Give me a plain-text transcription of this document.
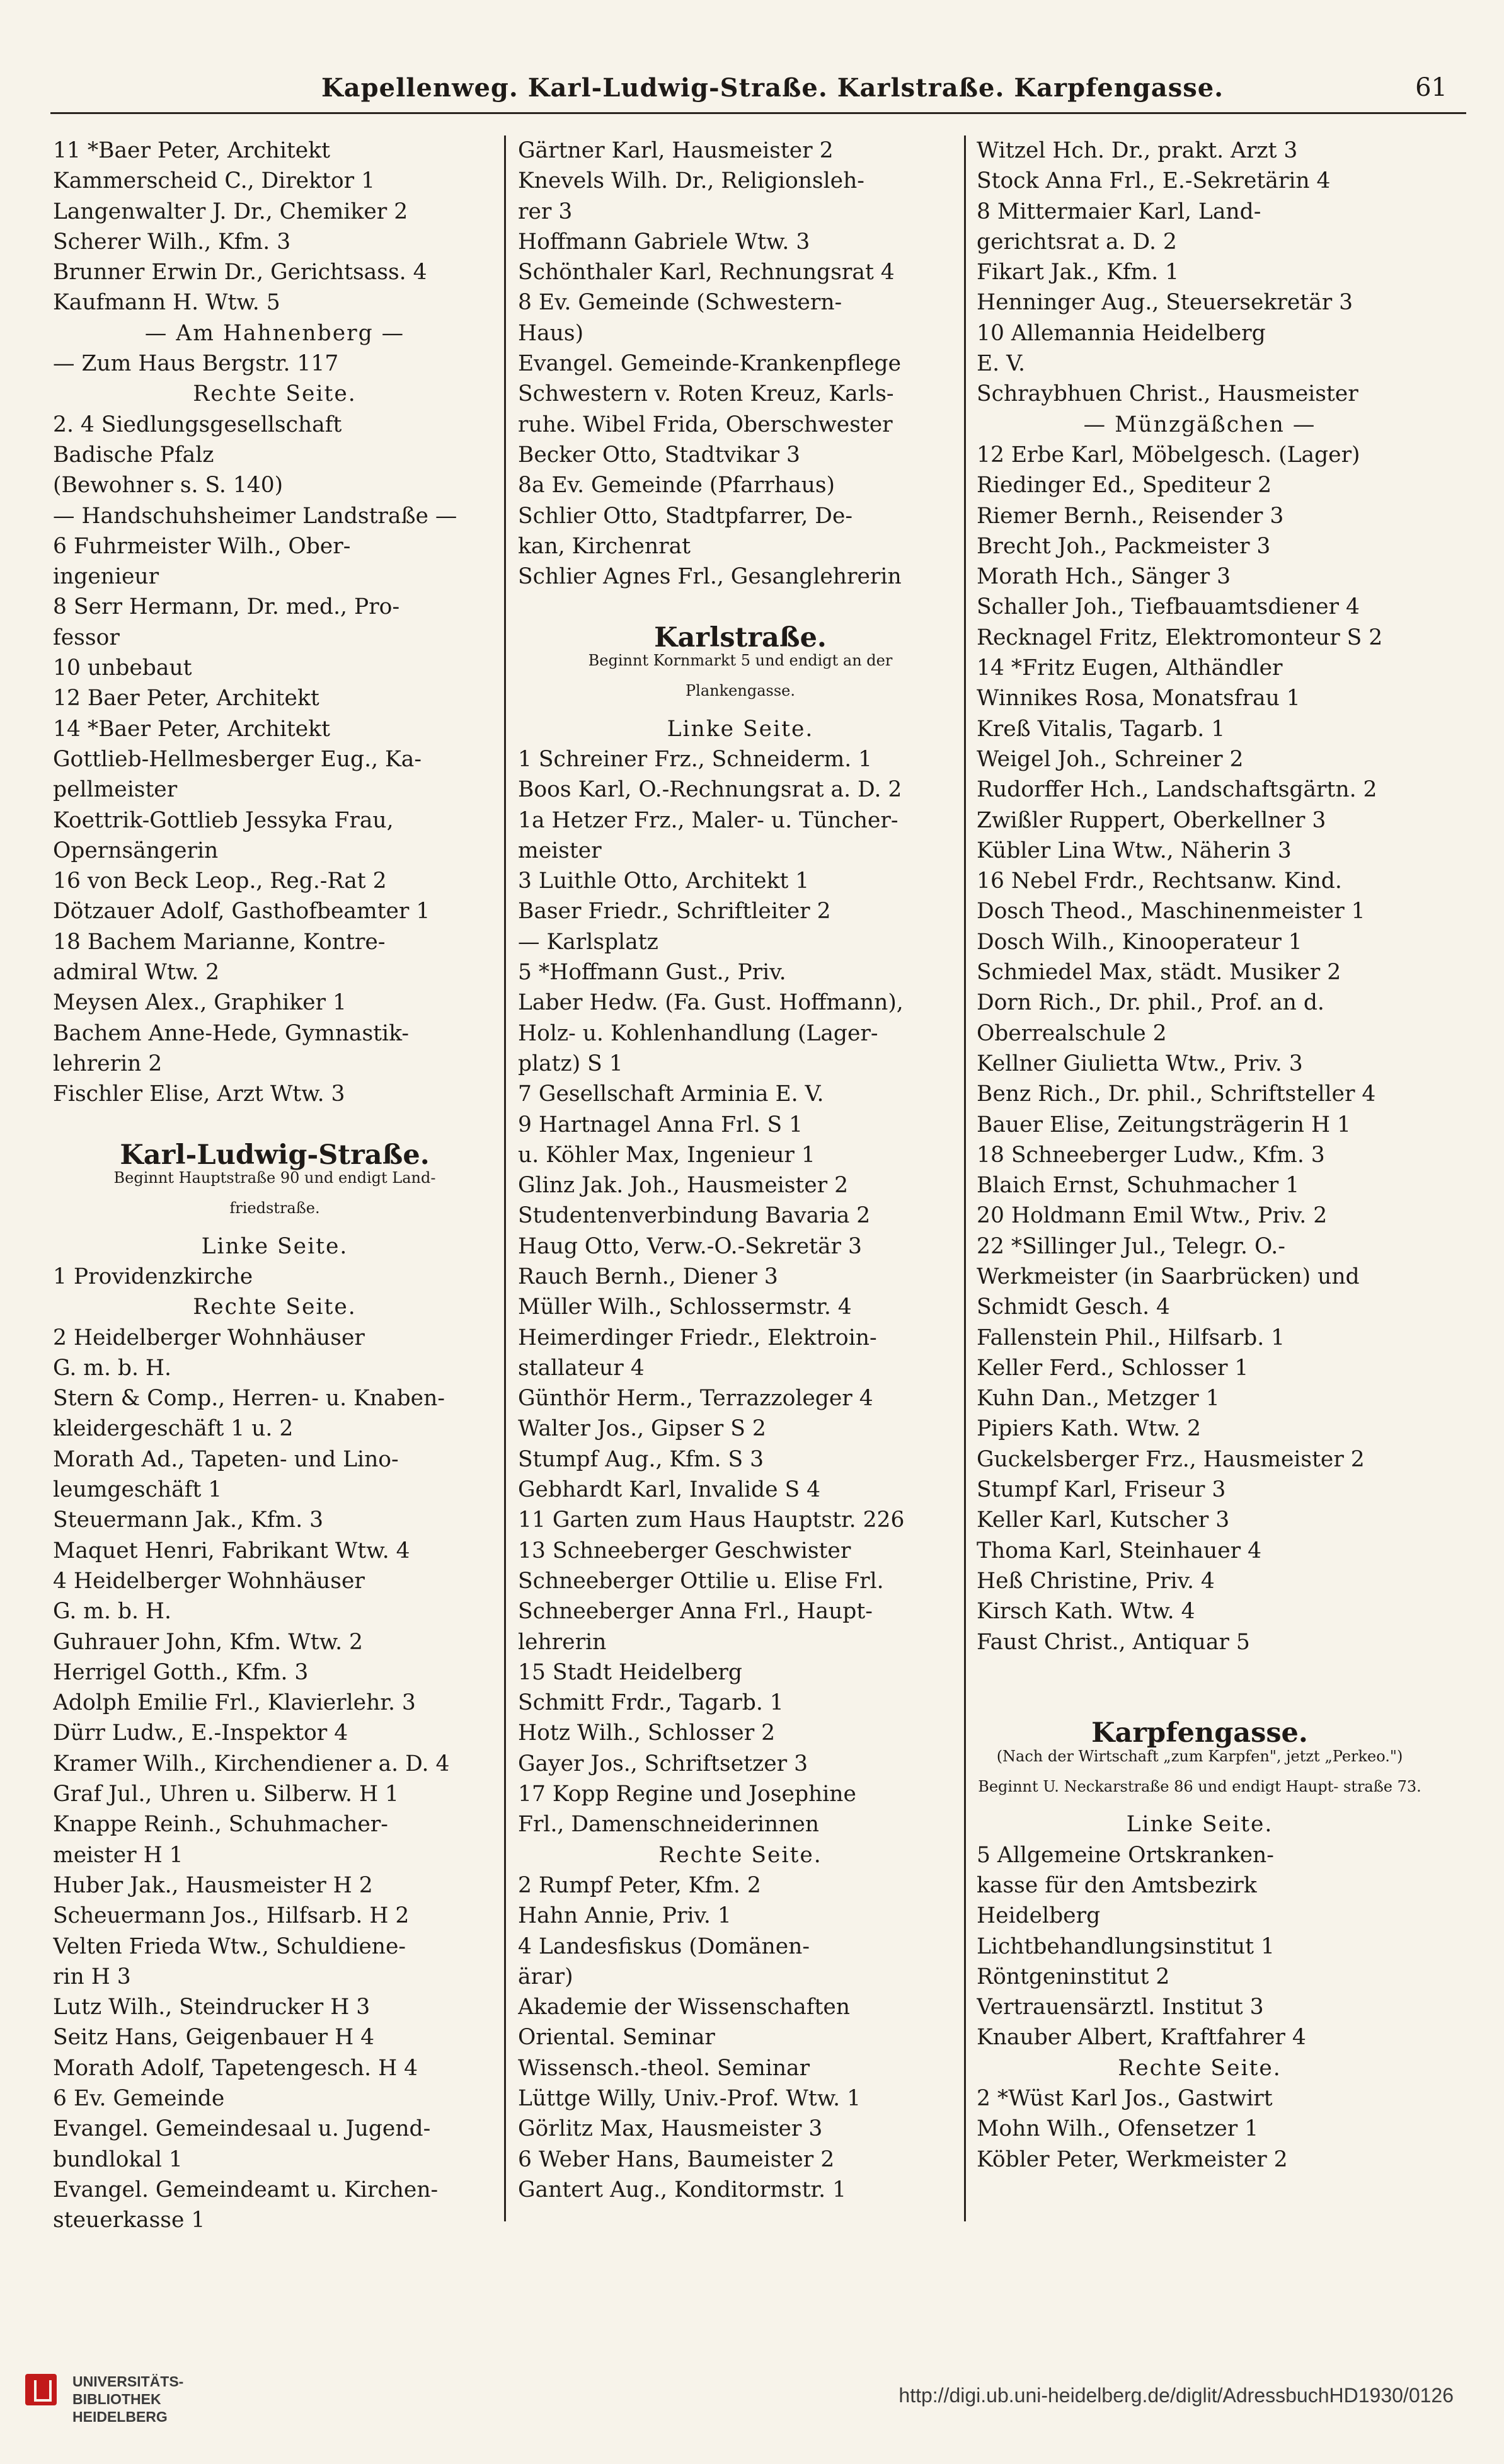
Kapellenweg. Karl-Ludwig-Straße. Karlstraße. Karpfengasse.	61
11 *Baer Peter, Architekt
Kammerscheid C., Direktor 1
Langenwalter J. Dr., Chemiker 2
Scherer Wilh., Kfm. 3
Brunner Erwin Dr., Gerichtsass. 4
Kaufmann H. Wtw. 5
— Am Hahnenberg —
— Zum Haus Bergstr. 117
Rechte Seite.
2. 4 Siedlungsgesellschaft
Badische Pfalz
(Bewohner s. S. 140)
— Handschuhsheimer Landstraße —
6 Fuhrmeister Wilh., Ober-
ingenieur
8 Serr Hermann, Dr. med., Pro-
fessor
10 unbebaut
12 Baer Peter, Architekt
14 *Baer Peter, Architekt
Gottlieb-Hellmesberger Eug., Ka-
pellmeister
Koettrik-Gottlieb Jessyka Frau,
Opernsängerin
16 von Beck Leop., Reg.-Rat 2
Dötzauer Adolf, Gasthofbeamter 1
18 Bachem Marianne, Kontre-
admiral Wtw. 2
Meysen Alex., Graphiker 1
Bachem Anne-Hede, Gymnastik-
lehrerin 2
Fischler Elise, Arzt Wtw. 3
Karl-Ludwig-Straße.
Beginnt Hauptstraße 90 und endigt Land-
friedstraße.
Linke Seite.
1 Providenzkirche
Rechte Seite.
2 Heidelberger Wohnhäuser
G. m. b. H.
Stern & Comp., Herren- u. Knaben-
kleidergeschäft 1 u. 2
Morath Ad., Tapeten- und Lino-
leumgeschäft 1
Steuermann Jak., Kfm. 3
Maquet Henri, Fabrikant Wtw. 4
4 Heidelberger Wohnhäuser
G. m. b. H.
Guhrauer John, Kfm. Wtw. 2
Herrigel Gotth., Kfm. 3
Adolph Emilie Frl., Klavierlehr. 3
Dürr Ludw., E.-Inspektor 4
Kramer Wilh., Kirchendiener a. D. 4
Graf Jul., Uhren u. Silberw. H 1
Knappe Reinh., Schuhmacher-
meister H 1
Huber Jak., Hausmeister H 2
Scheuermann Jos., Hilfsarb. H 2
Velten Frieda Wtw., Schuldiene-
rin H 3
Lutz Wilh., Steindrucker H 3
Seitz Hans, Geigenbauer H 4
Morath Adolf, Tapetengesch. H 4
6 Ev. Gemeinde
Evangel. Gemeindesaal u. Jugend-
bundlokal 1
Evangel. Gemeindeamt u. Kirchen-
steuerkasse 1
Gärtner Karl, Hausmeister 2
Knevels Wilh. Dr., Religionsleh-
rer 3
Hoffmann Gabriele Wtw. 3
Schönthaler Karl, Rechnungsrat 4
8 Ev. Gemeinde (Schwestern-
Haus)
Evangel. Gemeinde-Krankenpflege
Schwestern v. Roten Kreuz, Karls-
ruhe. Wibel Frida, Oberschwester
Becker Otto, Stadtvikar 3
8a Ev. Gemeinde (Pfarrhaus)
Schlier Otto, Stadtpfarrer, De-
kan, Kirchenrat
Schlier Agnes Frl., Gesanglehrerin
Karlstraße.
Beginnt Kornmarkt 5 und endigt an der
Plankengasse.
Linke Seite.
1 Schreiner Frz., Schneiderm. 1
Boos Karl, O.-Rechnungsrat a. D. 2
1a Hetzer Frz., Maler- u. Tüncher-
meister
3 Luithle Otto, Architekt 1
Baser Friedr., Schriftleiter 2
— Karlsplatz
5 *Hoffmann Gust., Priv.
Laber Hedw. (Fa. Gust. Hoffmann),
Holz- u. Kohlenhandlung (Lager-
platz) S 1
7 Gesellschaft Arminia E. V.
9 Hartnagel Anna Frl. S 1
u. Köhler Max, Ingenieur 1
Glinz Jak. Joh., Hausmeister 2
Studentenverbindung Bavaria 2
Haug Otto, Verw.-O.-Sekretär 3
Rauch Bernh., Diener 3
Müller Wilh., Schlossermstr. 4
Heimerdinger Friedr., Elektroin-
stallateur 4
Günthör Herm., Terrazzoleger 4
Walter Jos., Gipser S 2
Stumpf Aug., Kfm. S 3
Gebhardt Karl, Invalide S 4
11 Garten zum Haus Hauptstr. 226
13 Schneeberger Geschwister
Schneeberger Ottilie u. Elise Frl.
Schneeberger Anna Frl., Haupt-
lehrerin
15 Stadt Heidelberg
Schmitt Frdr., Tagarb. 1
Hotz Wilh., Schlosser 2
Gayer Jos., Schriftsetzer 3
17 Kopp Regine und Josephine
Frl., Damenschneiderinnen
Rechte Seite.
2 Rumpf Peter, Kfm. 2
Hahn Annie, Priv. 1
4 Landesfiskus (Domänen-
ärar)
Akademie der Wissenschaften
Oriental. Seminar
Wissensch.-theol. Seminar
Lüttge Willy, Univ.-Prof. Wtw. 1
Görlitz Max, Hausmeister 3
6 Weber Hans, Baumeister 2
Gantert Aug., Konditormstr. 1
Witzel Hch. Dr., prakt. Arzt 3
Stock Anna Frl., E.-Sekretärin 4
8 Mittermaier Karl, Land-
gerichtsrat a. D. 2
Fikart Jak., Kfm. 1
Henninger Aug., Steuersekretär 3
10 Allemannia Heidelberg
E. V.
Schraybhuen Christ., Hausmeister
— Münzgäßchen —
12 Erbe Karl, Möbelgesch. (Lager)
Riedinger Ed., Spediteur 2
Riemer Bernh., Reisender 3
Brecht Joh., Packmeister 3
Morath Hch., Sänger 3
Schaller Joh., Tiefbauamtsdiener 4
Recknagel Fritz, Elektromonteur S 2
14 *Fritz Eugen, Althändler
Winnikes Rosa, Monatsfrau 1
Kreß Vitalis, Tagarb. 1
Weigel Joh., Schreiner 2
Rudorffer Hch., Landschaftsgärtn. 2
Zwißler Ruppert, Oberkellner 3
Kübler Lina Wtw., Näherin 3
16 Nebel Frdr., Rechtsanw. Kind.
Dosch Theod., Maschinenmeister 1
Dosch Wilh., Kinooperateur 1
Schmiedel Max, städt. Musiker 2
Dorn Rich., Dr. phil., Prof. an d.
Oberrealschule 2
Kellner Giulietta Wtw., Priv. 3
Benz Rich., Dr. phil., Schriftsteller 4
Bauer Elise, Zeitungsträgerin H 1
18 Schneeberger Ludw., Kfm. 3
Blaich Ernst, Schuhmacher 1
20 Holdmann Emil Wtw., Priv. 2
22 *Sillinger Jul., Telegr. O.-
Werkmeister (in Saarbrücken) und
Schmidt Gesch. 4
Fallenstein Phil., Hilfsarb. 1
Keller Ferd., Schlosser 1
Kuhn Dan., Metzger 1
Pipiers Kath. Wtw. 2
Guckelsberger Frz., Hausmeister 2
Stumpf Karl, Friseur 3
Keller Karl, Kutscher 3
Thoma Karl, Steinhauer 4
Heß Christine, Priv. 4
Kirsch Kath. Wtw. 4
Faust Christ., Antiquar 5
Karpfengasse.
(Nach der Wirtschaft „zum Karpfen", jetzt „Perkeo.")
Beginnt U. Neckarstraße 86 und endigt Haupt- straße 73.
Linke Seite.
5 Allgemeine Ortskranken-
kasse für den Amtsbezirk
Heidelberg
Lichtbehandlungsinstitut 1
Röntgeninstitut 2
Vertrauensärztl. Institut 3
Knauber Albert, Kraftfahrer 4
Rechte Seite.
2 *Wüst Karl Jos., Gastwirt
Mohn Wilh., Ofensetzer 1
Köbler Peter, Werkmeister 2
UNIVERSITÄTS-
BIBLIOTHEK
HEIDELBERG
http://digi.ub.uni-heidelberg.de/diglit/AdressbuchHD1930/0126
